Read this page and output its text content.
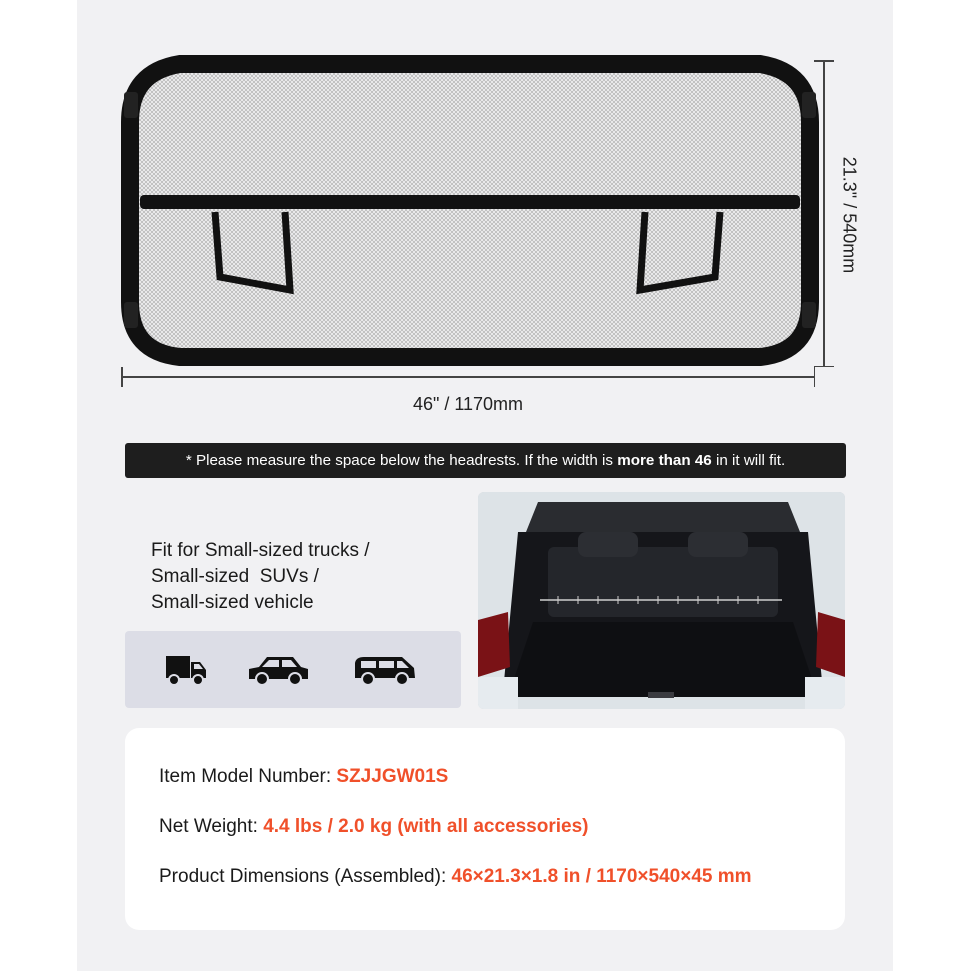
46" / 1170mm
21.3" / 540mm
* Please measure the space below the headrests. If the width is more than 46 in it will fit.
Fit for Small-sized trucks /
Small-sized  SUVs /
Small-sized vehicle
Item Model Number: SZJJGW01S
Net Weight: 4.4 lbs / 2.0 kg (with all accessories)
Product Dimensions (Assembled): 46×21.3×1.8 in / 1170×540×45 mm
